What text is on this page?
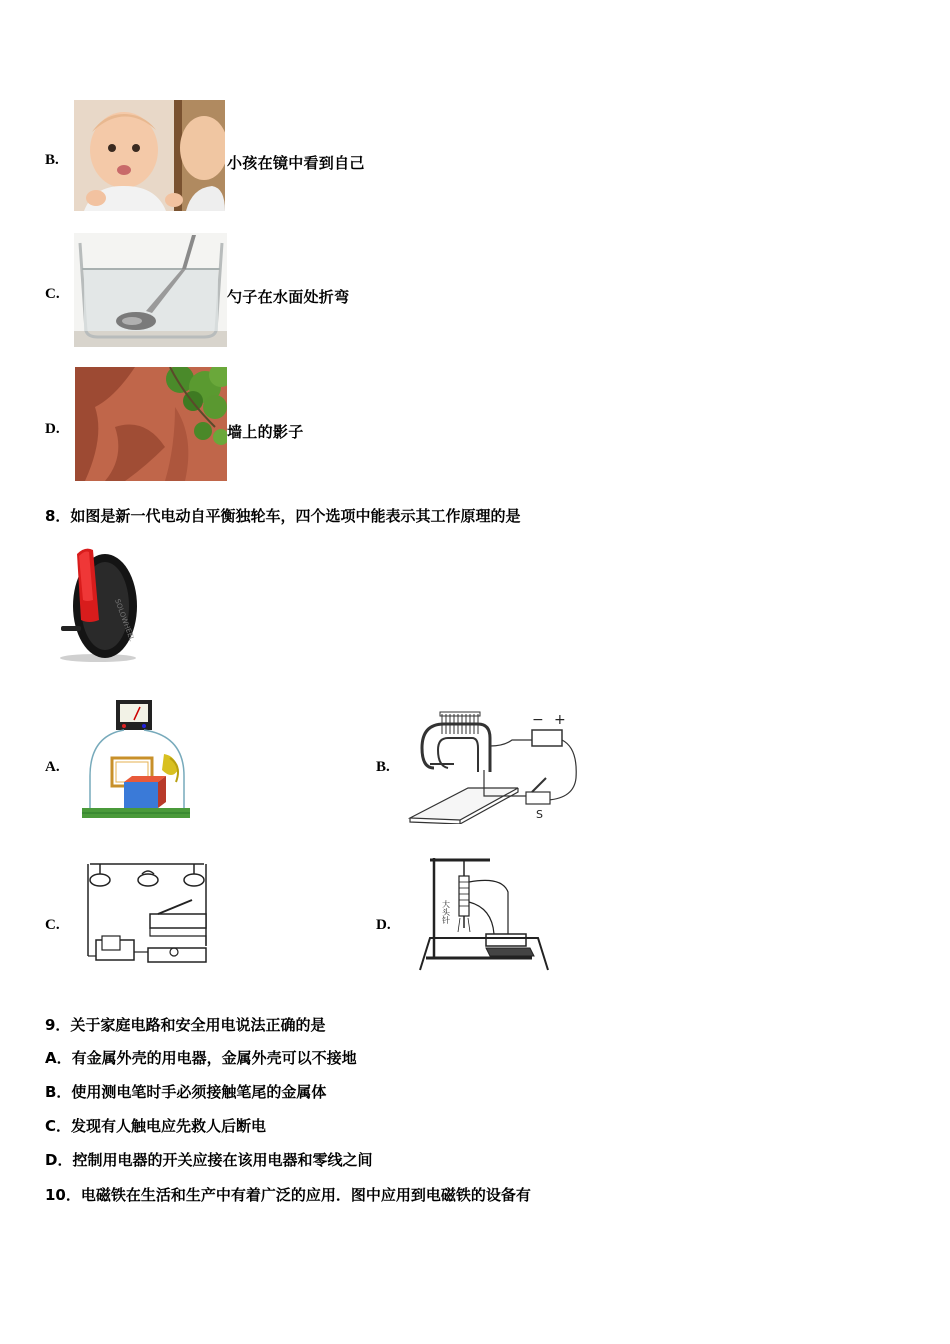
B.	小孩在镜中看到自己
C.	勺子在水面处折弯
D.	墙上的影子
8．如图是新一代电动自平衡独轮车，四个选项中能表示其工作原理的是
SOLOWHEEL
A.	B.
− +
S
C.	D.
大头针
9．关于家庭电路和安全用电说法正确的是
A．有金属外壳的用电器，金属外壳可以不接地
B．使用测电笔时手必须接触笔尾的金属体
C．发现有人触电应先救人后断电
D．控制用电器的开关应接在该用电器和零线之间
10．电磁铁在生活和生产中有着广泛的应用．图中应用到电磁铁的设备有
